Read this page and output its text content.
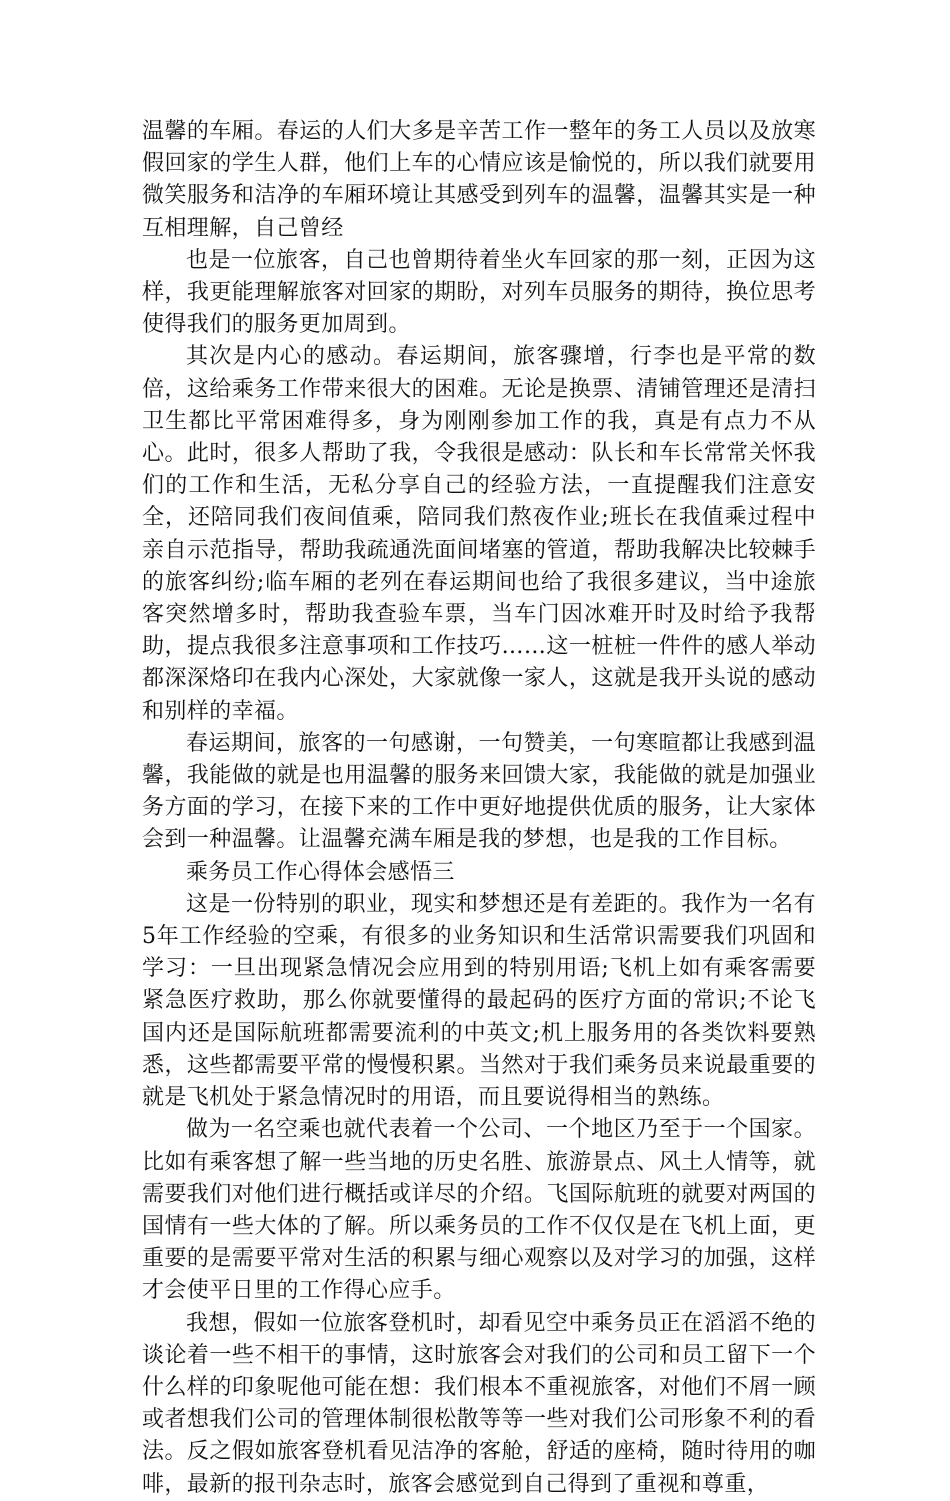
温馨的车厢。春运的人们大多是辛苦工作一整年的务工人员以及放寒假回家的学生人群，他们上车的心情应该是愉悦的，所以我们就要用微笑服务和洁净的车厢环境让其感受到列车的温馨，温馨其实是一种互相理解，自己曾经

也是一位旅客，自己也曾期待着坐火车回家的那一刻，正因为这样，我更能理解旅客对回家的期盼，对列车员服务的期待，换位思考使得我们的服务更加周到。

其次是内心的感动。春运期间，旅客骤增，行李也是平常的数倍，这给乘务工作带来很大的困难。无论是换票、清铺管理还是清扫卫生都比平常困难得多，身为刚刚参加工作的我，真是有点力不从心。此时，很多人帮助了我，令我很是感动：队长和车长常常关怀我们的工作和生活，无私分享自己的经验方法，一直提醒我们注意安全，还陪同我们夜间值乘，陪同我们熬夜作业;班长在我值乘过程中亲自示范指导，帮助我疏通洗面间堵塞的管道，帮助我解决比较棘手的旅客纠纷;临车厢的老列在春运期间也给了我很多建议，当中途旅客突然增多时，帮助我查验车票，当车门因冰难开时及时给予我帮助，提点我很多注意事项和工作技巧……这一桩桩一件件的感人举动都深深烙印在我内心深处，大家就像一家人，这就是我开头说的感动和别样的幸福。

春运期间，旅客的一句感谢，一句赞美，一句寒暄都让我感到温馨，我能做的就是也用温馨的服务来回馈大家，我能做的就是加强业务方面的学习，在接下来的工作中更好地提供优质的服务，让大家体会到一种温馨。让温馨充满车厢是我的梦想，也是我的工作目标。

乘务员工作心得体会感悟三

这是一份特别的职业，现实和梦想还是有差距的。我作为一名有5年工作经验的空乘，有很多的业务知识和生活常识需要我们巩固和学习：一旦出现紧急情况会应用到的特别用语;飞机上如有乘客需要紧急医疗救助，那么你就要懂得的最起码的医疗方面的常识;不论飞国内还是国际航班都需要流利的中英文;机上服务用的各类饮料要熟悉，这些都需要平常的慢慢积累。当然对于我们乘务员来说最重要的就是飞机处于紧急情况时的用语，而且要说得相当的熟练。

做为一名空乘也就代表着一个公司、一个地区乃至于一个国家。比如有乘客想了解一些当地的历史名胜、旅游景点、风土人情等，就需要我们对他们进行概括或详尽的介绍。飞国际航班的就要对两国的国情有一些大体的了解。所以乘务员的工作不仅仅是在飞机上面，更重要的是需要平常对生活的积累与细心观察以及对学习的加强，这样才会使平日里的工作得心应手。

我想，假如一位旅客登机时，却看见空中乘务员正在滔滔不绝的谈论着一些不相干的事情，这时旅客会对我们的公司和员工留下一个什么样的印象呢他可能在想：我们根本不重视旅客，对他们不屑一顾或者想我们公司的管理体制很松散等等一些对我们公司形象不利的看法。反之假如旅客登机看见洁净的客舱，舒适的座椅，随时待用的咖啡，最新的报刊杂志时，旅客会感觉到自己得到了重视和尊重，
